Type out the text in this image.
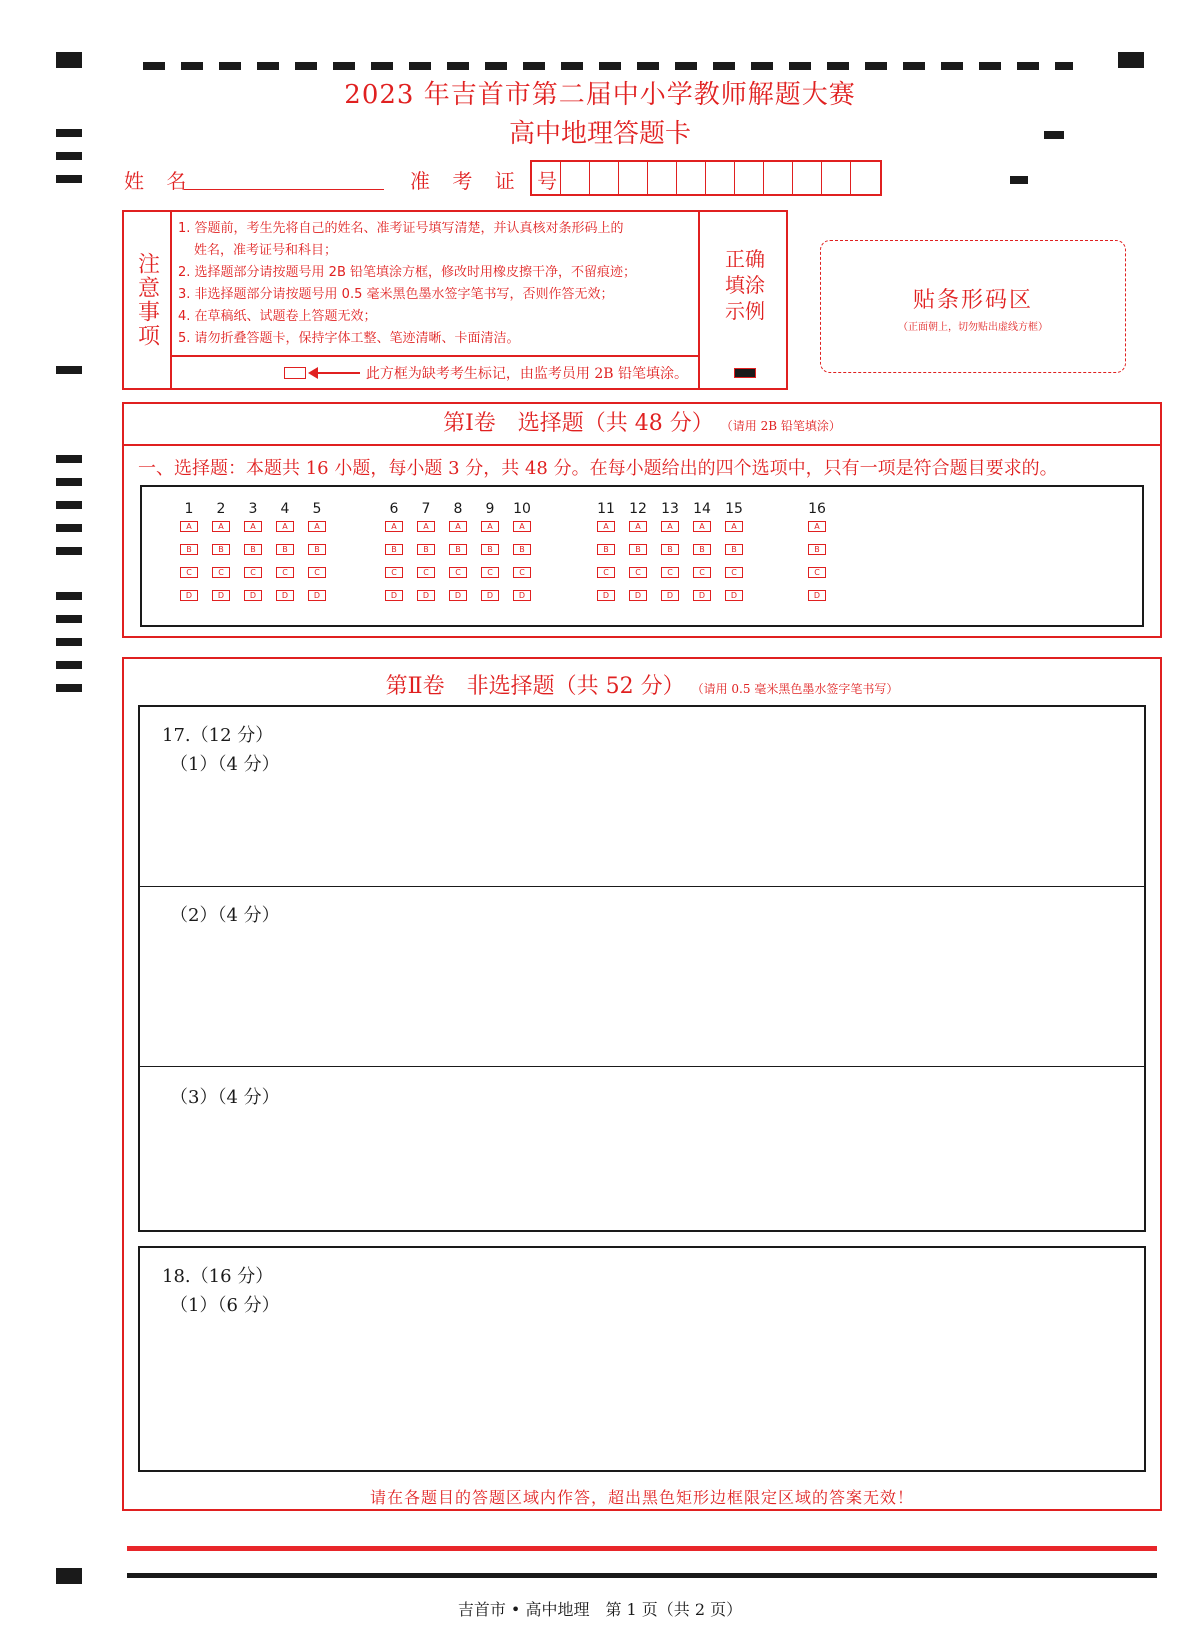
2023 年吉首市第二届中小学教师解题大赛
高中地理答题卡
姓 名	准 考 证 号
注意事项
1. 答题前，考生先将自己的姓名、准考证号填写清楚，并认真核对条形码上的
姓名，准考证号和科目；
2. 选择题部分请按题号用 2B 铅笔填涂方框，修改时用橡皮擦干净，不留痕迹；
3. 非选择题部分请按题号用 0.5 毫米黑色墨水签字笔书写，否则作答无效；
4. 在草稿纸、试题卷上答题无效；
5. 请勿折叠答题卡，保持字体工整、笔迹清晰、卡面清洁。
此方框为缺考考生标记，由监考员用 2B 铅笔填涂。
正确
填涂
示例	贴条形码区
（正面朝上，切勿贴出虚线方框）
第Ⅰ卷　选择题（共 48 分） （请用 2B 铅笔填涂）
一、选择题：本题共 16 小题，每小题 3 分，共 48 分。在每小题给出的四个选项中，只有一项是符合题目要求的。
1
A
B
C
D
2
A
B
C
D
3
A
B
C
D
4
A
B
C
D
5
A
B
C
D
6
A
B
C
D
7
A
B
C
D
8
A
B
C
D
9
A
B
C
D
10
A
B
C
D
11
A
B
C
D
12
A
B
C
D
13
A
B
C
D
14
A
B
C
D
15
A
B
C
D
16
A
B
C
D
第Ⅱ卷　非选择题（共 52 分） （请用 0.5 毫米黑色墨水签字笔书写）
17.（12 分）
（1）（4 分）
（2）（4 分）
（3）（4 分）
18.（16 分）
（1）（6 分）
请在各题目的答题区域内作答，超出黑色矩形边框限定区域的答案无效！
吉首市 • 高中地理　第 1 页（共 2 页）
